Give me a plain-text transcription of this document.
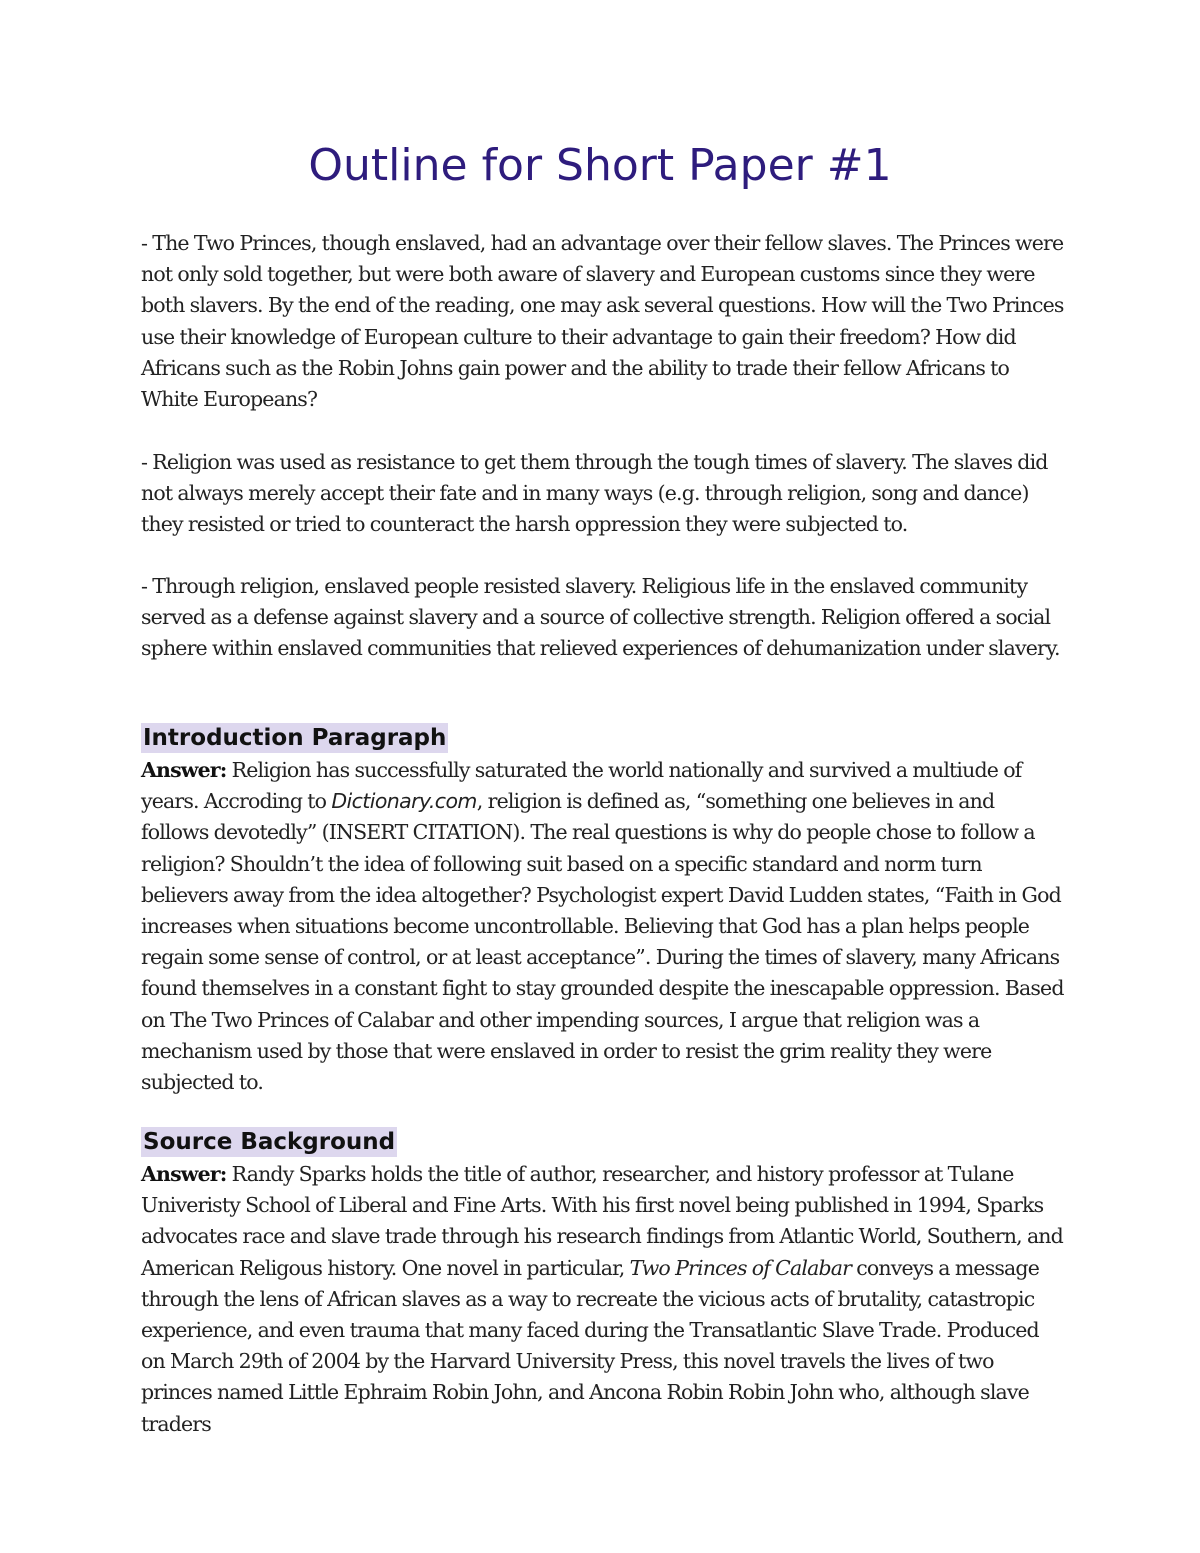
Outline for Short Paper #1

- The Two Princes, though enslaved, had an advantage over their fellow slaves. The Princes were not only sold together, but were both aware of slavery and European customs since they were both slavers. By the end of the reading, one may ask several questions. How will the Two Princes use their knowledge of European culture to their advantage to gain their freedom? How did Africans such as the Robin Johns gain power and the ability to trade their fellow Africans to White Europeans?

- Religion was used as resistance to get them through the tough times of slavery. The slaves did not always merely accept their fate and in many ways (e.g. through religion, song and dance) they resisted or tried to counteract the harsh oppression they were subjected to.

- Through religion, enslaved people resisted slavery. Religious life in the enslaved community served as a defense against slavery and a source of collective strength. Religion offered a social sphere within enslaved communities that relieved experiences of dehumanization under slavery.

Introduction Paragraph

Answer: Religion has successfully saturated the world nationally and survived a multiude of years. Accroding to Dictionary.com, religion is defined as, “something one believes in and follows devotedly” (INSERT CITATION). The real questions is why do people chose to follow a religion? Shouldn’t the idea of following suit based on a specific standard and norm turn believers away from the idea altogether? Psychologist expert David Ludden states, “Faith in God increases when situations become uncontrollable. Believing that God has a plan helps people regain some sense of control, or at least acceptance”. During the times of slavery, many Africans found themselves in a constant fight to stay grounded despite the inescapable oppression. Based on The Two Princes of Calabar and other impending sources, I argue that religion was a mechanism used by those that were enslaved in order to resist the grim reality they were subjected to.

Source Background

Answer: Randy Sparks holds the title of author, researcher, and history professor at Tulane Univeristy School of Liberal and Fine Arts. With his first novel being published in 1994, Sparks advocates race and slave trade through his research findings from Atlantic World, Southern, and American Religous history. One novel in particular, Two Princes of Calabar conveys a message through the lens of African slaves as a way to recreate the vicious acts of brutality, catastropic experience, and even trauma that many faced during the Transatlantic Slave Trade. Produced on March 29th of 2004 by the Harvard University Press, this novel travels the lives of two princes named Little Ephraim Robin John, and Ancona Robin Robin John who, although slave traders
